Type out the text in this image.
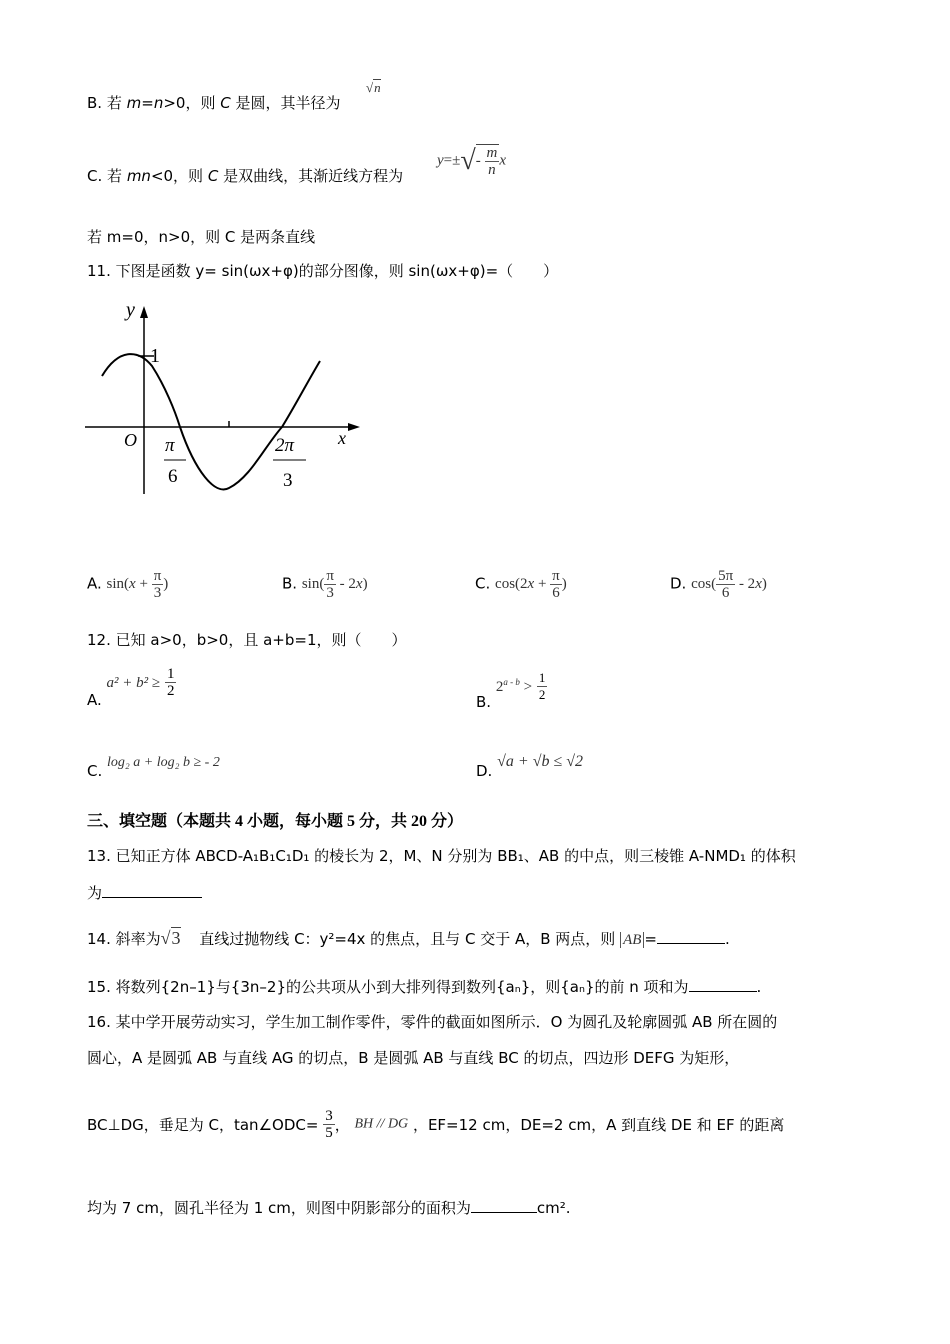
B. 若 m=n>0，则 C 是圆，其半径为
√n
C. 若 mn<0，则 C 是双曲线，其渐近线方程为
$y=\pm√- \frac{m}{n}$ x
若 m=0，n>0，则 C 是两条直线
11. 下图是函数 y= sin(ωx+φ)的部分图像，则 sin(ωx+φ)=（　　）
y
x
O
1
π
6
2π
3
A. $\sin(x + \frac{\pi}{3}$ )	B. $\sin( \frac{\pi}{3} - 2x)$	C. $\cos(2x + \frac{\pi}{6}$ )	D. $\cos( \frac{5\pi}{6} - 2x)$
12. 已知 a>0，b>0，且 a+b=1，则（　　）
A. $a^2 + b^2 \ge \frac{1}{2}$
B. $2^{a - b} > \frac{1}{2}$
C. log₂ a + log₂ b ≥ - 2	D. √a + √b ≤ √2
三、填空题（本题共 4 小题，每小题 5 分，共 20 分）
13. 已知正方体 ABCD-A₁B₁C₁D₁ 的棱长为 2，M、N 分别为 BB₁、AB 的中点，则三棱锥 A-NMD₁ 的体积
为
14. 斜率为√3 直线过抛物线 C：y²=4x 的焦点，且与 C 交于 A，B 两点，则 AB =	.
15. 将数列{2n–1}与{3n–2}的公共项从小到大排列得到数列{aₙ}，则{aₙ}的前 n 项和为	.
16. 某中学开展劳动实习，学生加工制作零件，零件的截面如图所示．O 为圆孔及轮廓圆弧 AB 所在圆的
圆心，A 是圆弧 AB 与直线 AG 的切点，B 是圆弧 AB 与直线 BC 的切点，四边形 DEFG 为矩形，
BC⊥DG，垂足为 C，tan∠ODC= $\frac{3}{5}$ ， BH // DG ，EF=12 cm，DE=2 cm，A 到直线 DE 和 EF 的距离
均为 7 cm，圆孔半径为 1 cm，则图中阴影部分的面积为	cm².
